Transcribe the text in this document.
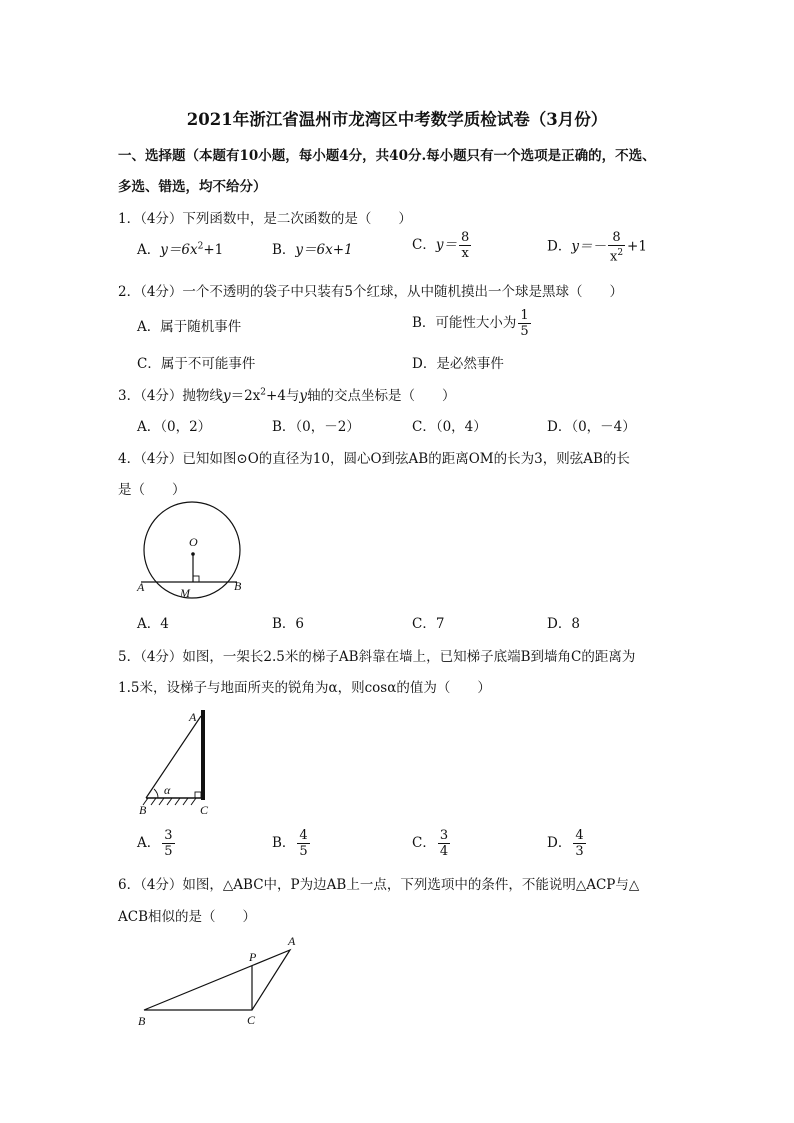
2021年浙江省温州市龙湾区中考数学质检试卷（3月份）
一、选择题（本题有10小题，每小题4分，共40分.每小题只有一个选项是正确的，不选、
多选、错选，均不给分）
1．（4分）下列函数中，是二次函数的是（　　）
A．$y=6x^2+1$	B．y＝6x+1	C．$y= \frac{8}{x}$	D．$y=- \frac{8}{x^2} +1$
2．（4分）一个不透明的袋子中只装有5个红球，从中随机摸出一个球是黑球（　　）
A．属于随机事件	B．可能性大小为 $\frac{1}{5}$
C．属于不可能事件	D．是必然事件
3．（4分）抛物线$y=2x^2+4$与y轴的交点坐标是（　　）
A．（0，2）	B．（0，－2）	C．（0，4）	D．（0，－4）
4．（4分）已知如图⊙O的直径为10，圆心O到弦AB的距离OM的长为3，则弦AB的长
是（　　）
O
A	B
M
A．4	B．6	C．7	D．8
5．（4分）如图，一架长2.5米的梯子AB斜靠在墙上，已知梯子底端B到墙角C的距离为
1.5米，设梯子与地面所夹的锐角为α，则cosα的值为（　　）
A
B	C
α
A． $\frac{3}{5}$	B． $\frac{4}{5}$	C． $\frac{3}{4}$	D． $\frac{4}{3}$
6．（4分）如图，△ABC中，P为边AB上一点，下列选项中的条件，不能说明△ACP与△
ACB相似的是（　　）
A
B	C
P
